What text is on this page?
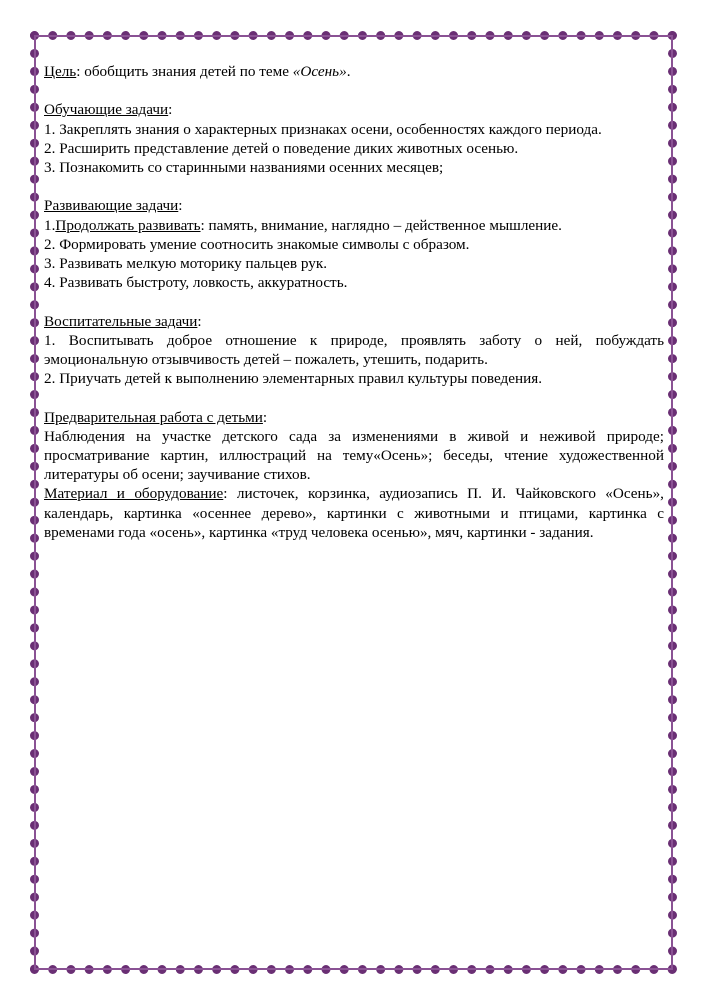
Цель: обобщить знания детей по теме «Осень».

Обучающие задачи:

1. Закреплять знания о характерных признаках осени, особенностях каждого периода.

2. Расширить представление детей о поведение диких животных осенью.

3. Познакомить со старинными названиями осенних месяцев;

Развивающие задачи:

1.Продолжать развивать: память, внимание, наглядно – действенное мышление.

2. Формировать умение соотносить знакомые символы с образом.

3. Развивать мелкую моторику пальцев рук.

4. Развивать быстроту, ловкость, аккуратность.

Воспитательные задачи:

1. Воспитывать доброе отношение к природе, проявлять заботу о ней, побуждать эмоциональную отзывчивость детей – пожалеть, утешить, подарить.

2. Приучать детей к выполнению элементарных правил культуры поведения.

Предварительная работа с детьми:

Наблюдения на участке детского сада за изменениями в живой и неживой природе; просматривание картин, иллюстраций на тему«Осень»; беседы, чтение художественной литературы об осени; заучивание стихов.

Материал и оборудование: листочек, корзинка, аудиозапись П. И. Чайковского «Осень», календарь, картинка «осеннее дерево», картинки с животными и птицами, картинка с временами года «осень», картинка «труд человека осенью», мяч, картинки - задания.
